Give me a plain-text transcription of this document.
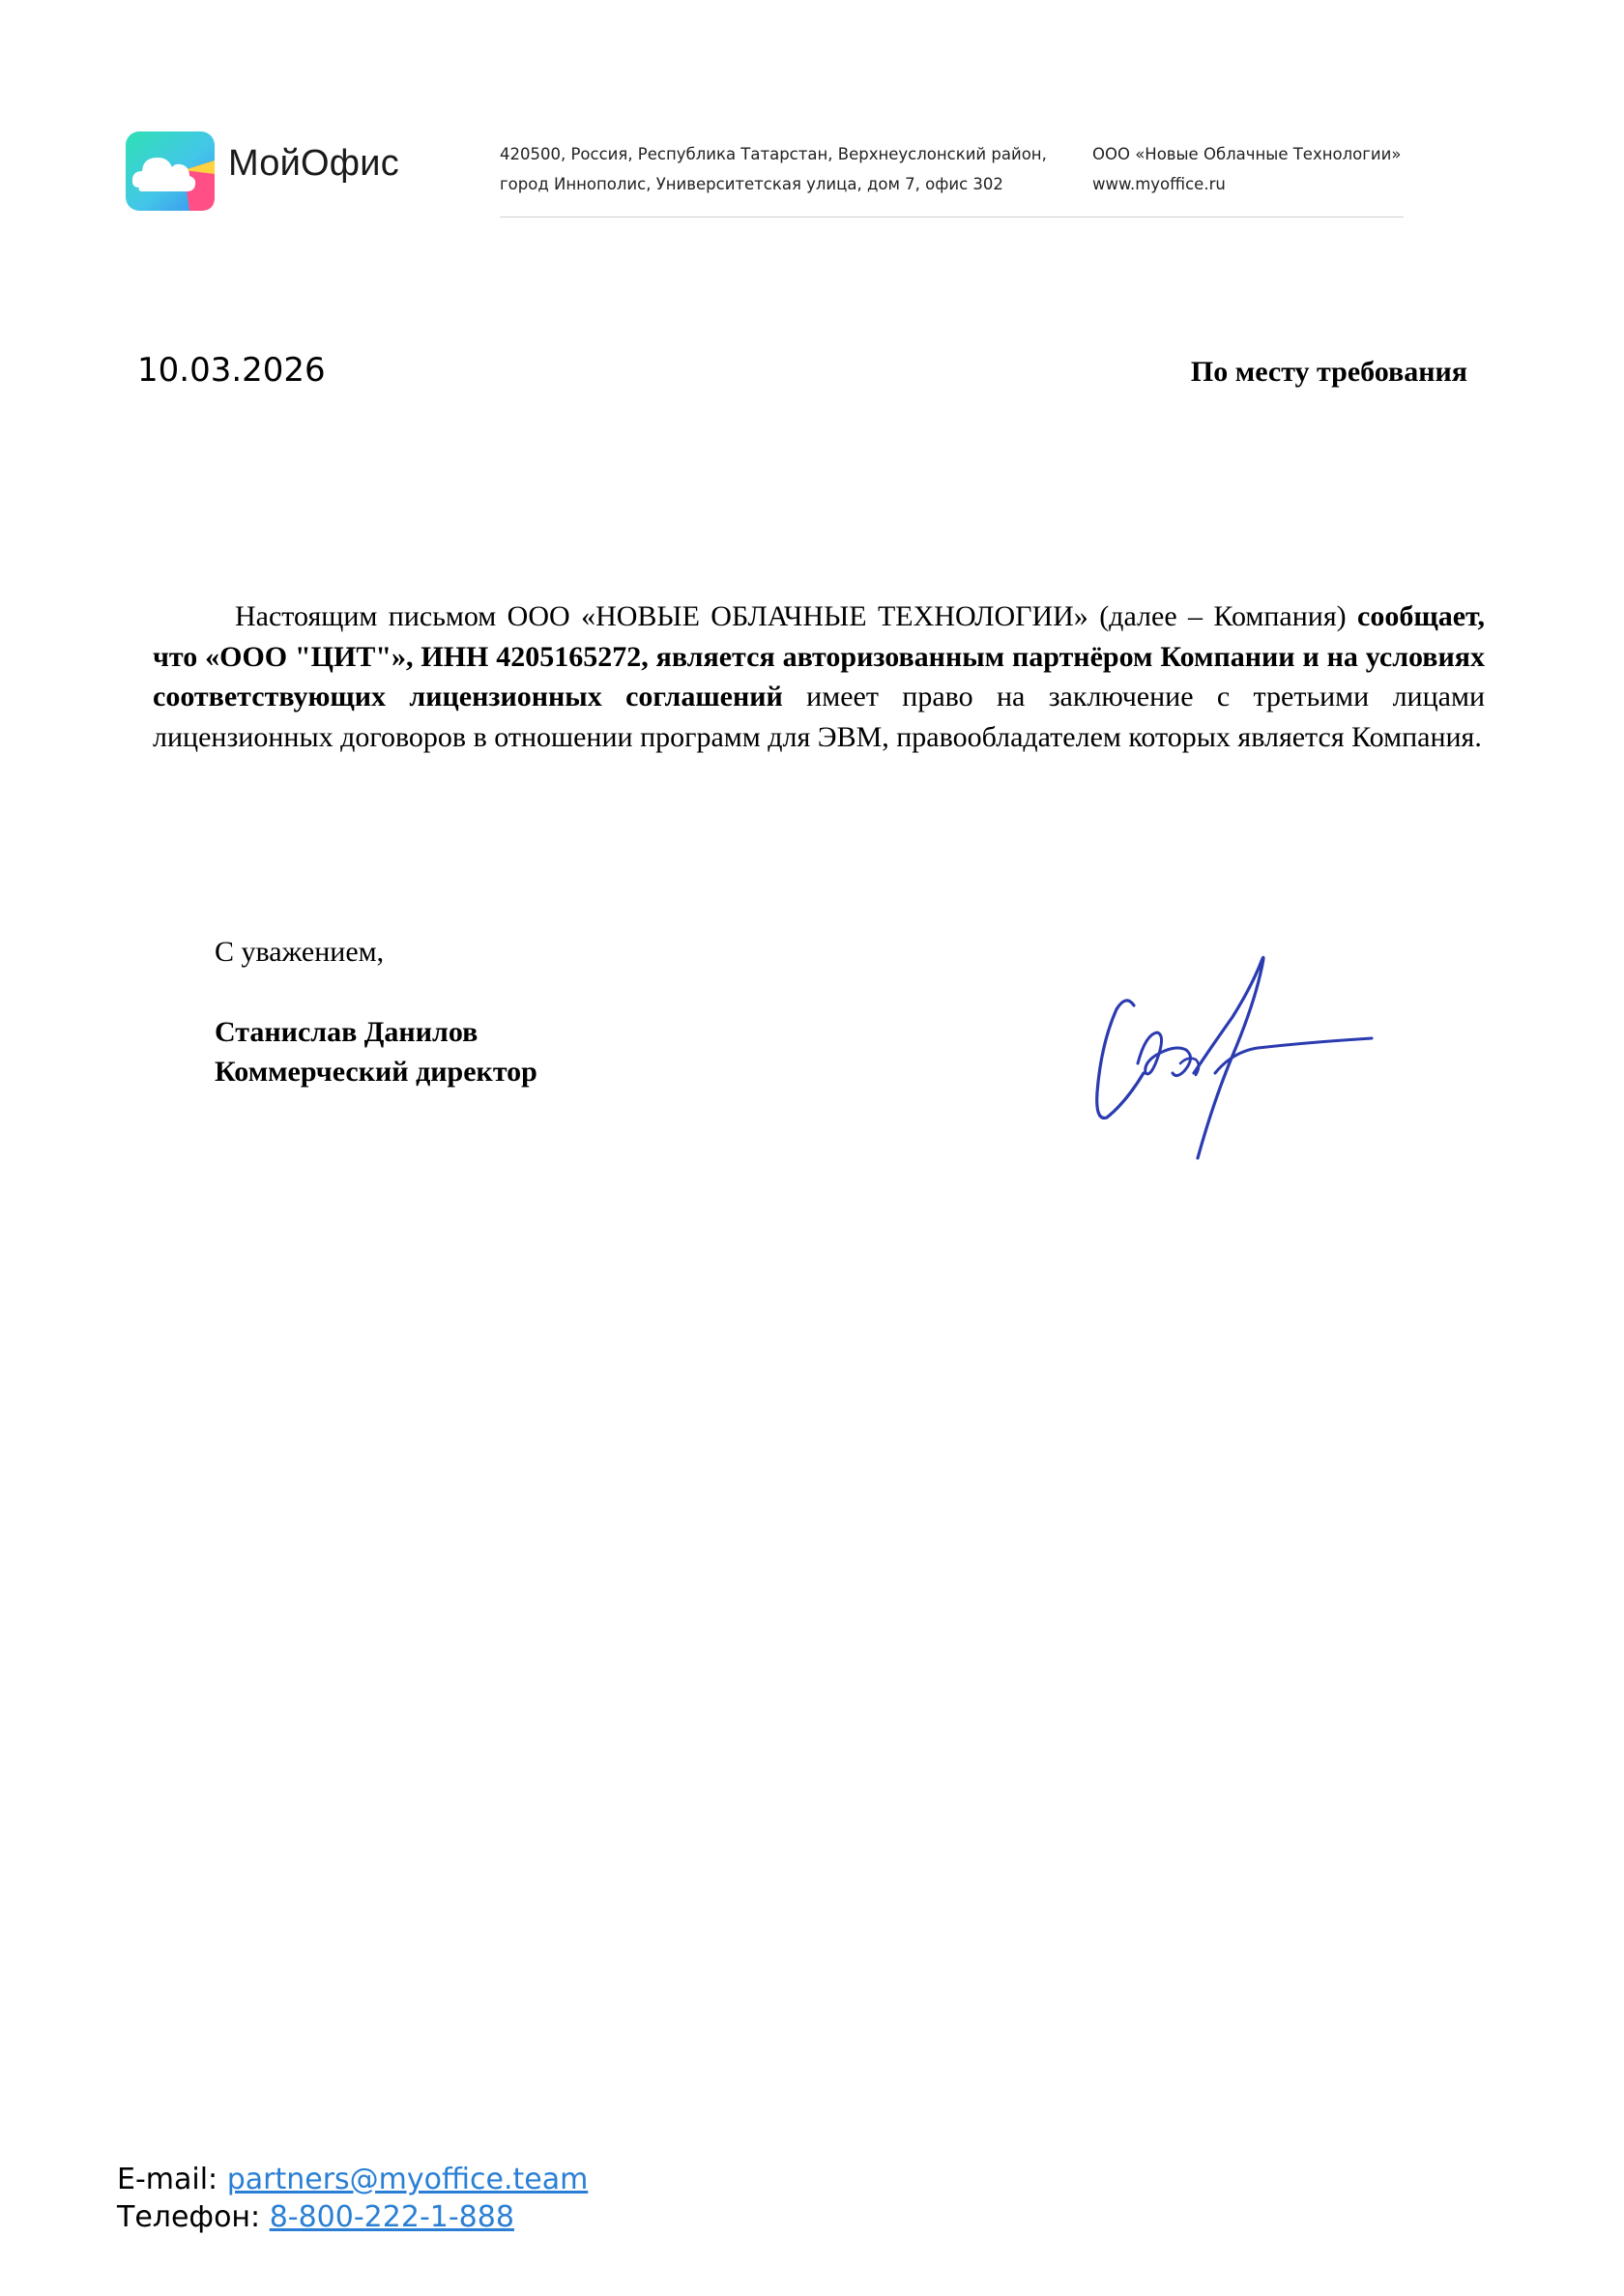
МойОфис	420500, Россия, Республика Татарстан, Верхнеуслонский район,
город Иннополис, Университетская улица, дом 7, офис 302
ООО «Новые Облачные Технологии»
www.myoffice.ru
10.03.2026	По месту требования

Настоящим письмом ООО «НОВЫЕ ОБЛАЧНЫЕ ТЕХНОЛОГИИ» (далее – Компания) сообщает, что «ООО "ЦИТ"», ИНН 4205165272, является авторизованным партнёром Компании и на условиях соответствующих лицензионных соглашений имеет право на заключение с третьими лицами лицензионных договоров в отношении программ для ЭВМ, правообладателем которых является Компания.

С уважением,
Станислав Данилов
Коммерческий директор
E-mail: partners@myoffice.team
Телефон: 8-800-222-1-888
